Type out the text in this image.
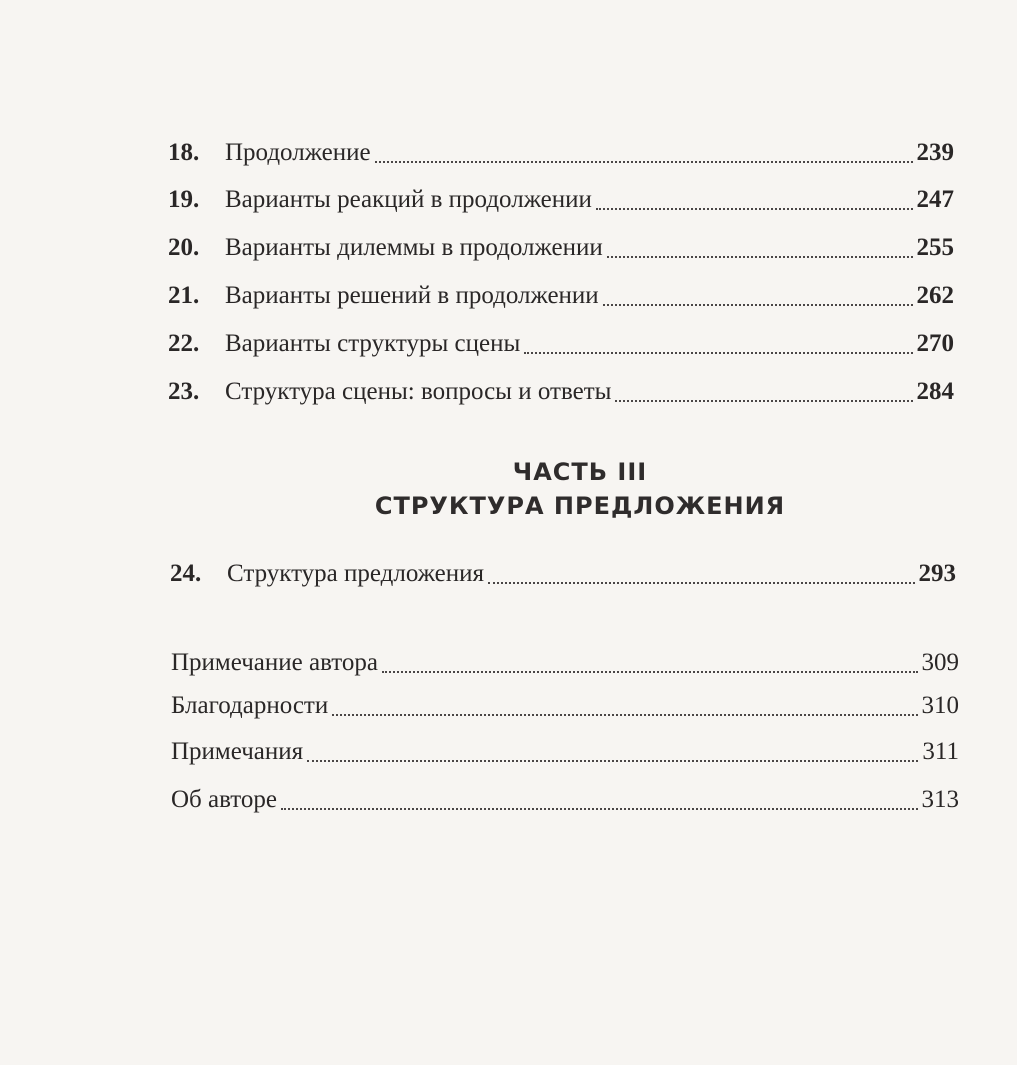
18.	Продолжение	239
19.	Варианты реакций в продолжении	247
20.	Варианты дилеммы в продолжении	255
21.	Варианты решений в продолжении	262
22.	Варианты структуры сцены	270
23.	Структура сцены: вопросы и ответы	284
ЧАСТЬ III
СТРУКТУРА ПРЕДЛОЖЕНИЯ
24.	Структура предложения	293
Примечание автора	309
Благодарности	310
Примечания	311
Об авторе	313
